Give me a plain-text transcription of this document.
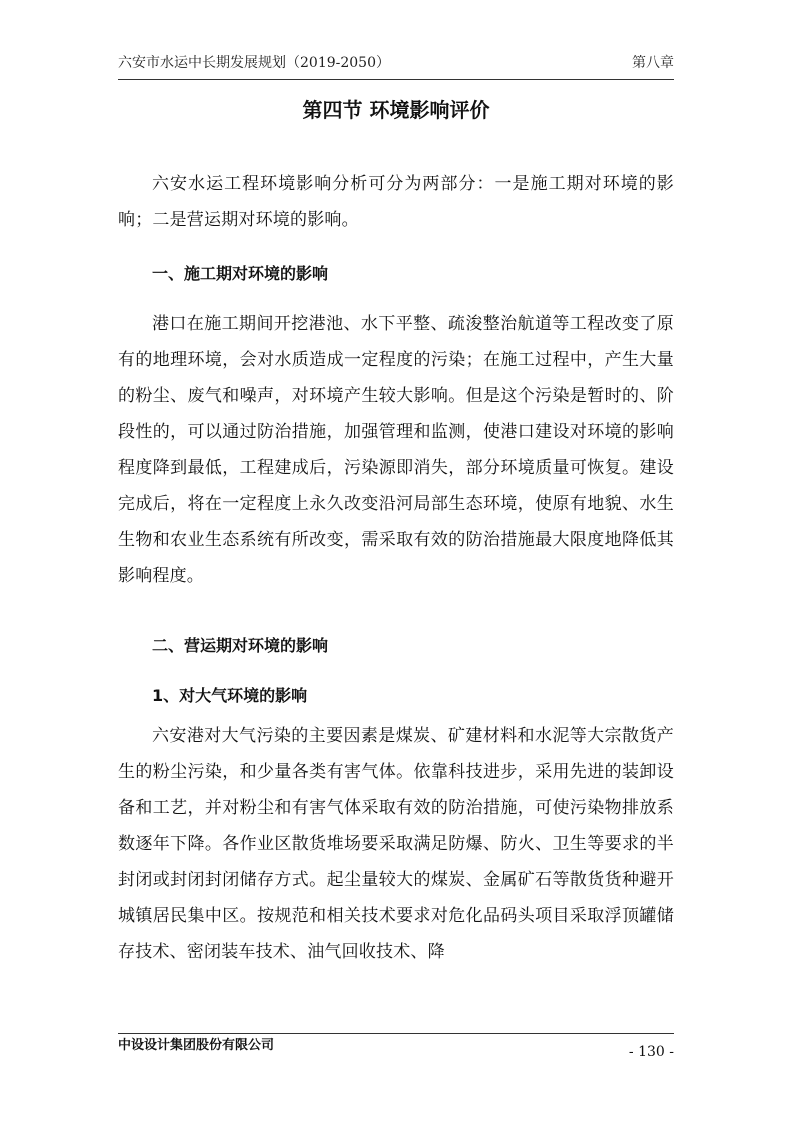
六安市水运中长期发展规划（2019-2050）	第八章
第四节 环境影响评价

六安水运工程环境影响分析可分为两部分：一是施工期对环境的影响；二是营运期对环境的影响。

一、施工期对环境的影响

港口在施工期间开挖港池、水下平整、疏浚整治航道等工程改变了原有的地理环境，会对水质造成一定程度的污染；在施工过程中，产生大量的粉尘、废气和噪声，对环境产生较大影响。但是这个污染是暂时的、阶段性的，可以通过防治措施，加强管理和监测，使港口建设对环境的影响程度降到最低，工程建成后，污染源即消失，部分环境质量可恢复。建设完成后，将在一定程度上永久改变沿河局部生态环境，使原有地貌、水生生物和农业生态系统有所改变，需采取有效的防治措施最大限度地降低其影响程度。

二、营运期对环境的影响

1、对大气环境的影响

六安港对大气污染的主要因素是煤炭、矿建材料和水泥等大宗散货产生的粉尘污染，和少量各类有害气体。依靠科技进步，采用先进的装卸设备和工艺，并对粉尘和有害气体采取有效的防治措施，可使污染物排放系数逐年下降。各作业区散货堆场要采取满足防爆、防火、卫生等要求的半封闭或封闭封闭储存方式。起尘量较大的煤炭、金属矿石等散货货种避开城镇居民集中区。按规范和相关技术要求对危化品码头项目采取浮顶罐储存技术、密闭装车技术、油气回收技术、降

中设设计集团股份有限公司	- 130 -
